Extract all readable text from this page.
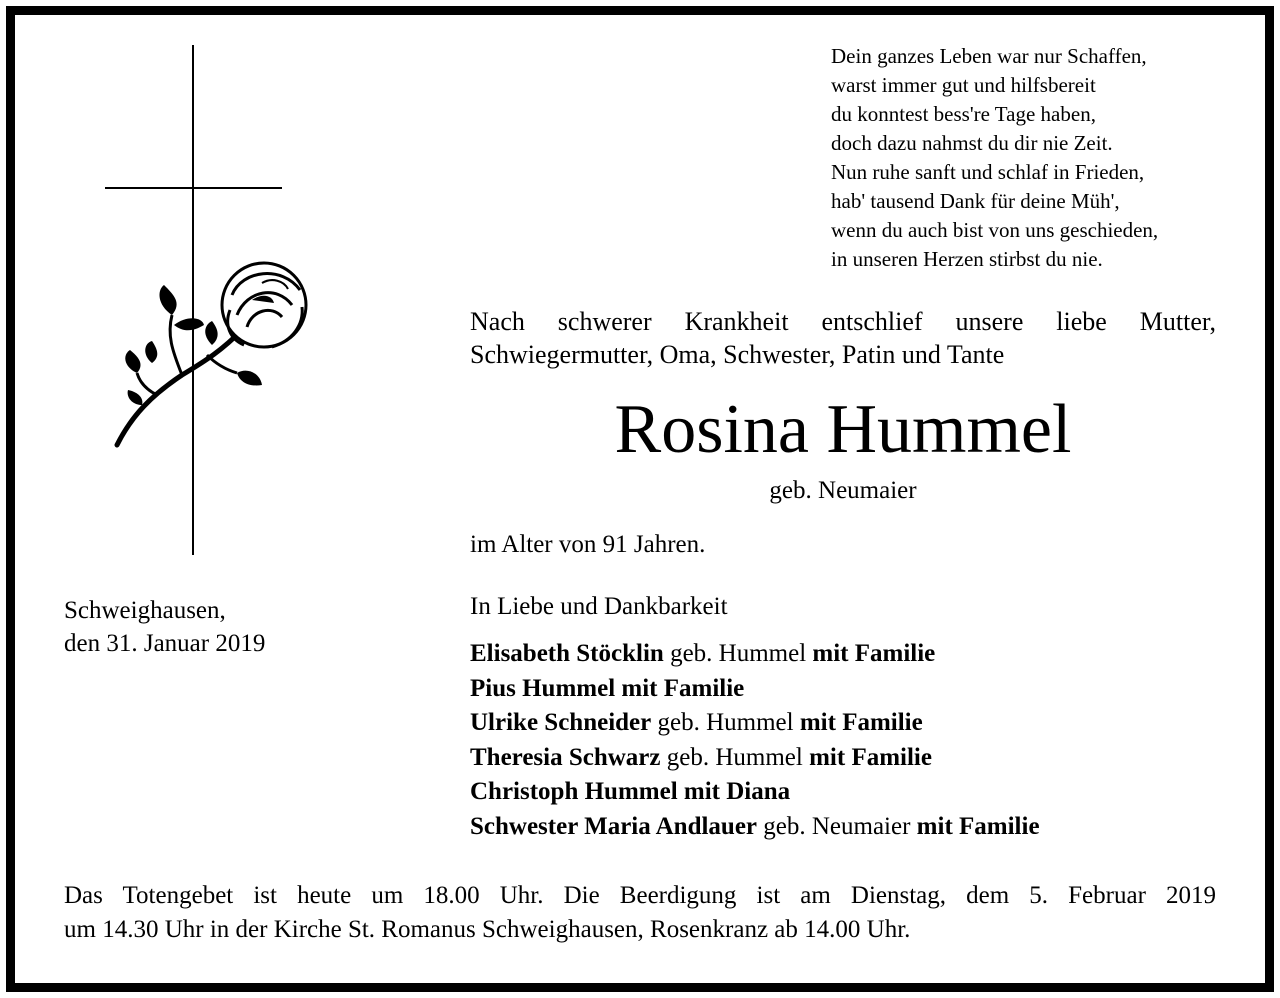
Dein ganzes Leben war nur Schaffen,
warst immer gut und hilfsbereit
du konntest bess're Tage haben,
doch dazu nahmst du dir nie Zeit.
Nun ruhe sanft und schlaf in Frieden,
hab' tausend Dank für deine Müh',
wenn du auch bist von uns geschieden,
in unseren Herzen stirbst du nie.
Nach schwerer Krankheit entschlief unsere liebe Mutter,
Schwiegermutter, Oma, Schwester, Patin und Tante
Rosina Hummel
geb. Neumaier
im Alter von 91 Jahren.
Schweighausen,
den 31. Januar 2019
In Liebe und Dankbarkeit
Elisabeth Stöcklin geb. Hummel mit Familie
Pius Hummel mit Familie
Ulrike Schneider geb. Hummel mit Familie
Theresia Schwarz geb. Hummel mit Familie
Christoph Hummel mit Diana
Schwester Maria Andlauer geb. Neumaier mit Familie
Das Totengebet ist heute um 18.00 Uhr. Die Beerdigung ist am Dienstag, dem 5. Februar 2019
um 14.30 Uhr in der Kirche St. Romanus Schweighausen, Rosenkranz ab 14.00 Uhr.
